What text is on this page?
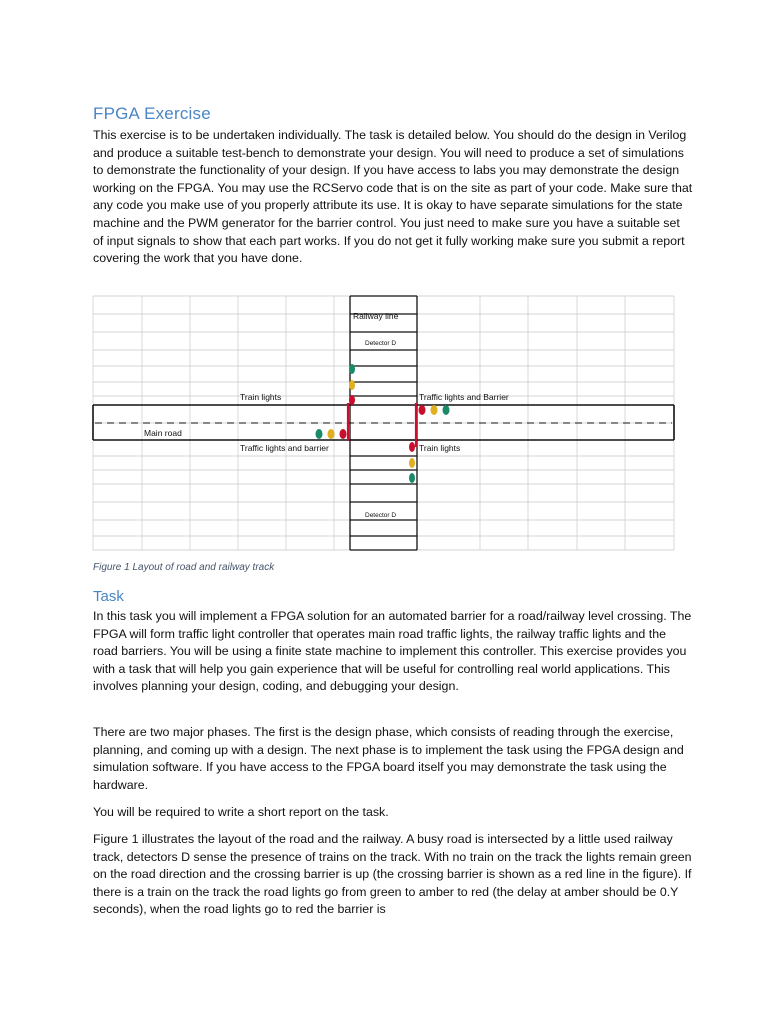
FPGA Exercise

This exercise is to be undertaken individually. The task is detailed below. You should do the design in Verilog and produce a suitable test-bench to demonstrate your design. You will need to produce a set of simulations to demonstrate the functionality of your design. If you have access to labs you may demonstrate the design working on the FPGA. You may use the RCServo code that is on the site as part of your code. Make sure that any code you make use of you properly attribute its use. It is okay to have separate simulations for the state machine and the PWM generator for the barrier control. You just need to make sure you have a suitable set of input signals to show that each part works. If you do not get it fully working make sure you submit a report covering the work that you have done.

Railway line
Detector D
Train lights	Traffic lights and Barrier
Main road
Traffic lights and barrier	Train lights
Detector D
Figure 1 Layout of road and railway track
Task

In this task you will implement a FPGA solution for an automated barrier for a road/railway level crossing. The FPGA will form traffic light controller that operates main road traffic lights, the railway traffic lights and the road barriers. You will be using a finite state machine to implement this controller. This exercise provides you with a task that will help you gain experience that will be useful for controlling real world applications. This involves planning your design, coding, and debugging your design.

There are two major phases. The first is the design phase, which consists of reading through the exercise, planning, and coming up with a design. The next phase is to implement the task using the FPGA design and simulation software. If you have access to the FPGA board itself you may demonstrate the task using the hardware.

You will be required to write a short report on the task.

Figure 1 illustrates the layout of the road and the railway. A busy road is intersected by a little used railway track, detectors D sense the presence of trains on the track. With no train on the track the lights remain green on the road direction and the crossing barrier is up (the crossing barrier is shown as a red line in the figure). If there is a train on the track the road lights go from green to amber to red (the delay at amber should be 0.Y seconds), when the road lights go to red the barrier is
